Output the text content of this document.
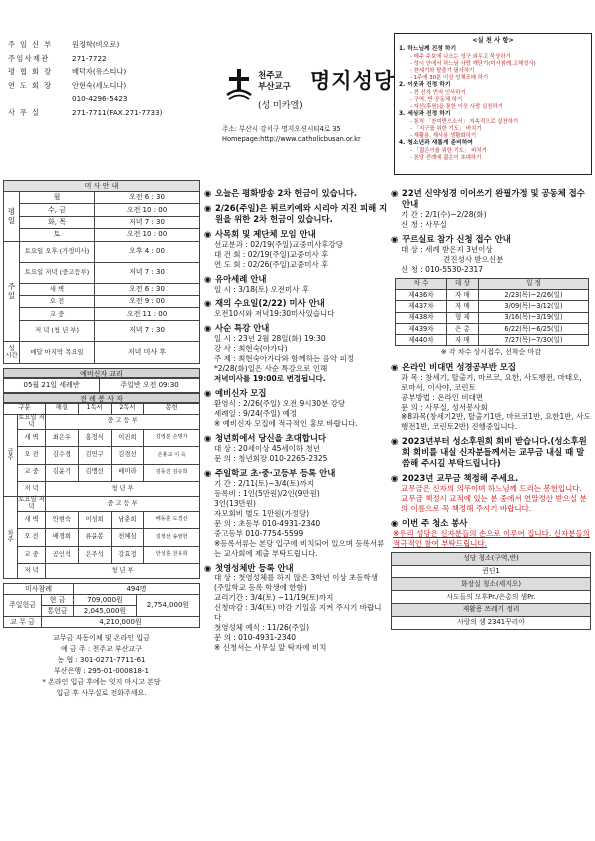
주 임 신 부	원정학(비오로)
주임사제관	271-7722
평 협 회 장	배덕자(유스티나)
연 도 회 장	안현숙(세노디나)
010-4296-5423
사 무 실	271-7711(FAX.271-7733)
천주교
부산교구 명지성당
(성 미카엘)
주소: 부산시 강서구 명지오션시티4로 35
Homepage:http://www.catholicbusan.or.kr
<실 천 사 항>
1. 하느님께 진정 하기
- 매주 주보에 나오는 성구 외우고 묵상하기
- 성시 안에서 하느님 사랑 깨닫기(미사참례,고해성사)
- 찬세기와 탈출기 필사하기
- 1주에 30분 이상 성체조배 하기
2. 이웃과 진정 하기
- 전 신자 먼저 인사하기
- 구역, 반 공동체 하기
- 자선(후원)을 통한 이웃 사랑 실천하기
3. 세상과 진정 하기
- 통칙 「찬미받으소서」 지속적으로 실천하기
- 「지구를 위한 기도」 바치기
- 재활용, 재사용 생활화하기
4. 청소년과 새롭게 준비하여
- 「젊은이를 위한 기도」 바치기
- 본당 전례에 젊은이 초대하기
미 사 안 내		
평 일	월	오전 6 : 30
	수, 금	오전 10 : 00
	화, 목	저녁 7 : 30
	토	오전 10 : 00
주 일	토요일 오후 (가정미사)	오후 4 : 00
	토요일 저녁 (중고등부)	저녁 7 : 30
	새 벽	오전 6 : 30
	오 전	오전 9 : 00
	교 중	오전 11 : 00
	저 녁 (청 년 부)	저녁 7 : 30
성 시간	매달 마지막 목요일	저녁 미사 후
예비신자 교리
05월 21일 세례반	주일반 오전 09:30
전 례 봉 사 자
구분		해설	1독서	2독서	봉헌
금 주	토요일 저 녁	중 고 등 부			
	새 벽	최은우	홍정식	이진희	김영분 손명자
	오 전	김수경	김민구	김경선	손홍교 이 옥
	교 중	김윤기	김맹선	배미라	김동진 김승희
	저 녁	청 년 부			
차 주	토요일 저 녁	중 고 등 부			
	새 벽	안현숙	이성희	남춘희	배동훈 도경선
	오 전	배경희	류윤봉	천혜심	김정선 송영헌
	교 중	공인석	은주석	강효정	안성훈 천유희
	저 녁	청 년 부			
미사참례		494명	
주일헌금	현 금	709,000원	2,754,000원
	통헌금	2,045,000원	
교 무 금	4,210,000원		
교무금 자동이체 및 온라인 입금
예 금 주 : 천주교 부산교구
농 협 : 301-0271-7711-61
부산은행 : 295-01-000818-1
* 온라인 입금 후에는 잊지 마시고 본당
입금 후 사무실로 전화주세요.
◉ 오늘은 평화방송 2차 헌금이 있습니다.
◉ 2/26(주일)은 튀르키예와 시리아 지진 피해 지원을 위한 2차 헌금이 있습니다.
◉ 사목회 및 제단체 모임 안내
선교분과 : 02/19(주일)교중미사후강당
대 건 회 : 02/19(주일)교중미사 후
연 도 회 : 02/26(주일)교중미사 후
◉ 유아세례 안내
일 시 : 3/18(토) 오전미사 후
◉ 재의 수요일(2/22) 미사 안내
오전10시와 저녁19:30미사있습니다
◉ 사순 특강 안내
일 시 : 23년 2월 28일(화) 19:30
강 사 : 최현숙(아가다)
주 제 : 최현숙아가다와 함께하는 음악 피정
*2/28(화)일은 사순 특강으로 인해
저녁미사를 19:00로 변경됩니다.
◉ 예비신자 모집
환영식 : 2/26(주일) 오전 9시30분 강당
세례일 : 9/24(주일) 예정
※ 예비신자 모집에 적극적인 홍보 바랍니다.
◉ 청년회에서 당신을 초대합니다
대 상 : 20세이상 45세이하 청년
문 의 : 청년회장 010-2265-2325
◉ 주일학교 초·중·고등부 등록 안내
기 간 : 2/11(토)~3/4(토)까지
등록비 : 1인(5만원)/2인(9만원)
3인(13만원)
자모회비 별도 1만원(가정당)
문 의 : 초등부 010-4931-2340
중고등부 010-7754-5599
※등록서류는 본당 입구에 비치되어 있으며 등록서류는 교사회에 제출 부탁드립니다.
◉ 첫영성체반 등록 안내
대 상 : 첫영성체를 하지 않은 3학년 이상 초등학생(주일학교 등록 학생에 한함)
교리기간 : 3/4(토) ~11/19(토)까지
신청마감 : 3/4(토) 마감 기일을 지켜 주시기 바랍니다
첫영성체 예식 : 11/26(주일)
문 의 : 010-4931-2340
※ 신청서는 사무실 앞 탁자에 비치
◉ 22년 신약성경 이어쓰기 완필가정 및 공동체 접수 안내
기 간 : 2/1(수)~2/28(화)
신 청 : 사무실
◉ 꾸르실료 참가 신청 접수 안내
대 상 : 세례 받은지 3년이상
견진성사 받으신분
신 청 : 010-5530-2317
차 수	대 상	일 정
제436차	자 매	2/23(목)~2/26(일)
제437차	자 매	3/09(목)~3/12(일)
제438차	형 제	3/16(목)~3/19(일)
제439차	은 총	6/22(목)~6/25(일)
제440차	자 매	7/27(목)~7/30(일)
※ 각 차수 상시접수, 선착순 마감
◉ 온라인 비대면 성경공부반 모집
과 목 : 창세기, 탈출기, 마르코, 요한, 사도행전, 마태오, 로마서, 이사야, 코린토
공부방법 : 온라인 비대면
문 의 : 사무실, 성서봉사회
※8과목(창세기2반, 탈출기1반, 마르코1반, 요한1반, 사도행전1반, 코린토2반) 진행중입니다.
◉ 2023년부터 성소후원회 회비 받습니다.(성소후원회 회비를 내실 신자분들께서는 교무금 내실 때 말씀해 주시길 부탁드립니다)
◉ 2023년 교무금 책정해 주세요.
교무금은 신자의 의무이며 하느님께 드리는 봉헌입니다. 교무금 책정시 교적에 있는 분 중에서 연말정산 받으실 분의 이름으로 꼭 책정해 주시기 바랍니다.
◉ 이번 주 청소 봉사
※우리 성당은 신자분들의 손으로 이루어 집니다. 신자분들의 적극적인 참여 부탁드립니다.
성당 청소(구역,반)
퀸딘1
화장실 청소(세지오)
사도들의 모후Pr./은총의 샘Pr.
재활용 쓰레기 정리
사랑의 샘 2341꾸리아
